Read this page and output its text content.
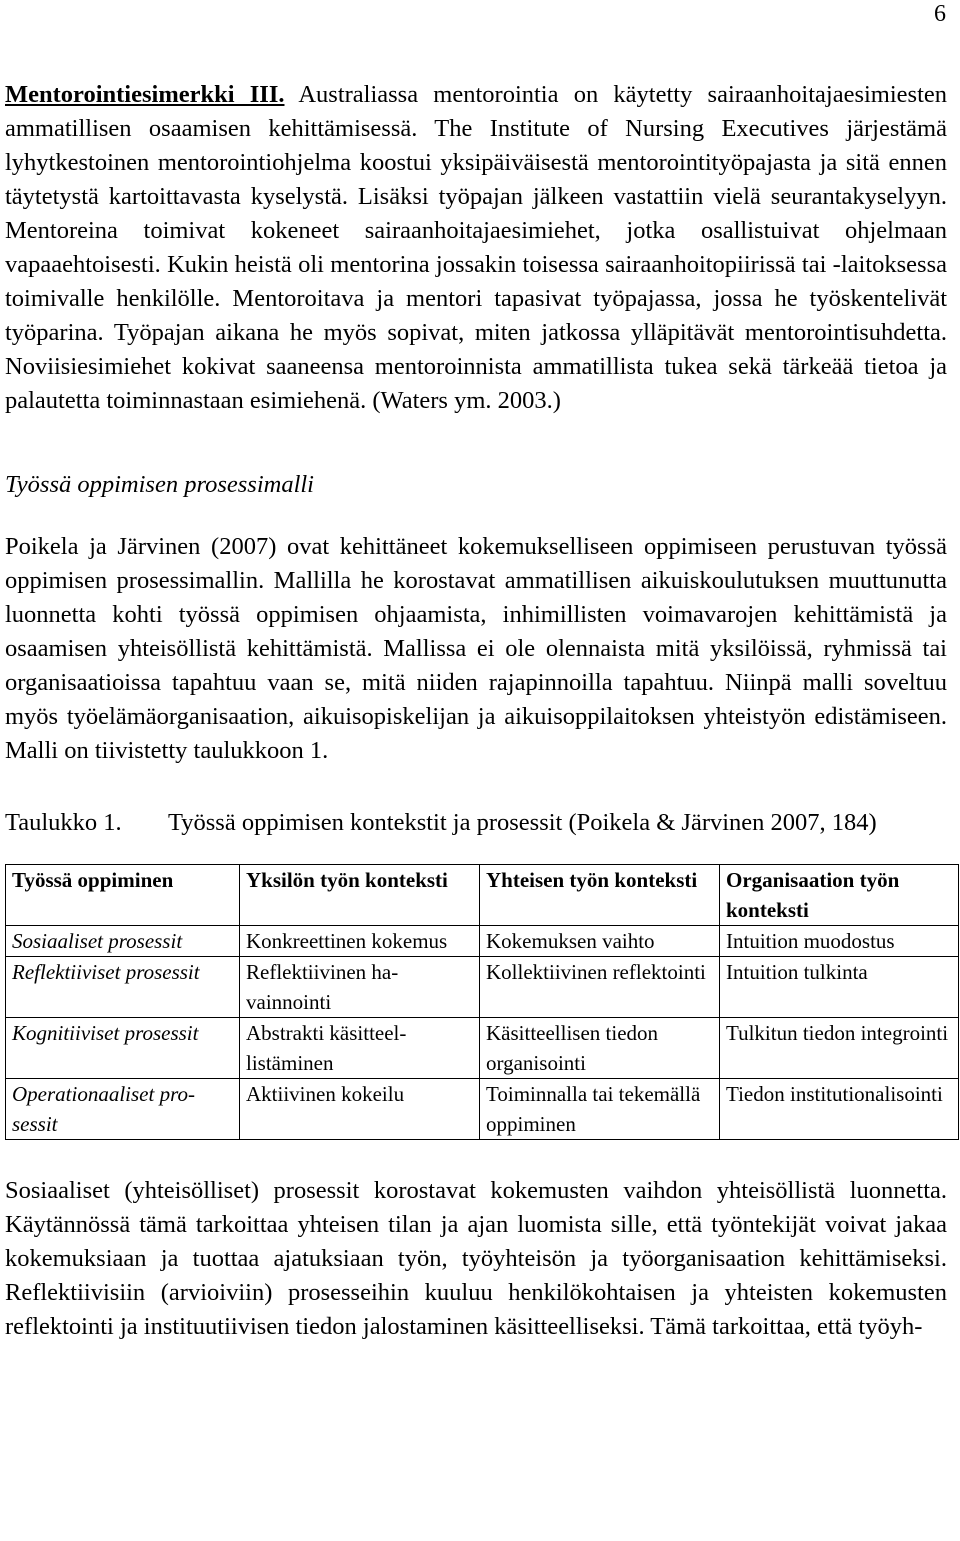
6

Mentorointiesimerkki III. Australiassa mentorointia on käytetty sairaanhoitajaesimiesten ammatillisen osaamisen kehittämisessä. The Institute of Nursing Executives järjestämä lyhytkestoinen mentorointiohjelma koostui yksipäiväisestä mentorointityöpajasta ja sitä ennen täytetystä kartoittavasta kyselystä. Lisäksi työpajan jälkeen vastattiin vielä seurantakyselyyn. Mentoreina toimivat kokeneet sairaanhoitajaesimiehet, jotka osallistuivat ohjelmaan vapaaehtoisesti. Kukin heistä oli mentorina jossakin toisessa sairaanhoitopiirissä tai -laitoksessa toimivalle henkilölle. Mentoroitava ja mentori tapasivat työpajassa, jossa he työskentelivät työparina. Työpajan aikana he myös sopivat, miten jatkossa ylläpitävät mentorointisuhdetta. Noviisiesimiehet kokivat saaneensa mentoroinnista ammatillista tukea sekä tärkeää tietoa ja palautetta toiminnastaan esimiehenä. (Waters ym. 2003.)

Työssä oppimisen prosessimalli

Poikela ja Järvinen (2007) ovat kehittäneet kokemukselliseen oppimiseen perustuvan työssä oppimisen prosessimallin. Mallilla he korostavat ammatillisen aikuiskoulutuksen muuttunutta luonnetta kohti työssä oppimisen ohjaamista, inhimillisten voimavarojen kehittämistä ja osaamisen yhteisöllistä kehittämistä. Mallissa ei ole olennaista mitä yksilöissä, ryhmissä tai organisaatioissa tapahtuu vaan se, mitä niiden rajapinnoilla tapahtuu. Niinpä malli soveltuu myös työelämäorganisaation, aikuisopiskelijan ja aikuisoppilaitoksen yhteistyön edistämiseen. Malli on tiivistetty taulukkoon 1.

Taulukko 1.	Työssä oppimisen kontekstit ja prosessit (Poikela & Järvinen 2007, 184)
Työssä oppiminen	Yksilön työn konteksti	Yhteisen työn konteksti	Organisaation työn konteksti
Sosiaaliset prosessit	Konkreettinen kokemus	Kokemuksen vaihto	Intuition muodostus
Reflektiiviset prosessit	Reflektiivinen havainnointi	Kollektiivinen reflektointi	Intuition tulkinta
Kognitiiviset prosessit	Abstrakti käsitteellistäminen	Käsitteellisen tiedon organisointi	Tulkitun tiedon integrointi
Operationaaliset prosessit	Aktiivinen kokeilu	Toiminnalla tai tekemällä oppiminen	Tiedon institutionalisointi

Sosiaaliset (yhteisölliset) prosessit korostavat kokemusten vaihdon yhteisöllistä luonnetta. Käytännössä tämä tarkoittaa yhteisen tilan ja ajan luomista sille, että työntekijät voivat jakaa kokemuksiaan ja tuottaa ajatuksiaan työn, työyhteisön ja työorganisaation kehittämiseksi. Reflektiivisiin (arvioiviin) prosesseihin kuuluu henkilökohtaisen ja yhteisten kokemusten reflektointi ja instituutiivisen tiedon jalostaminen käsitteelliseksi. Tämä tarkoittaa, että työyh-
